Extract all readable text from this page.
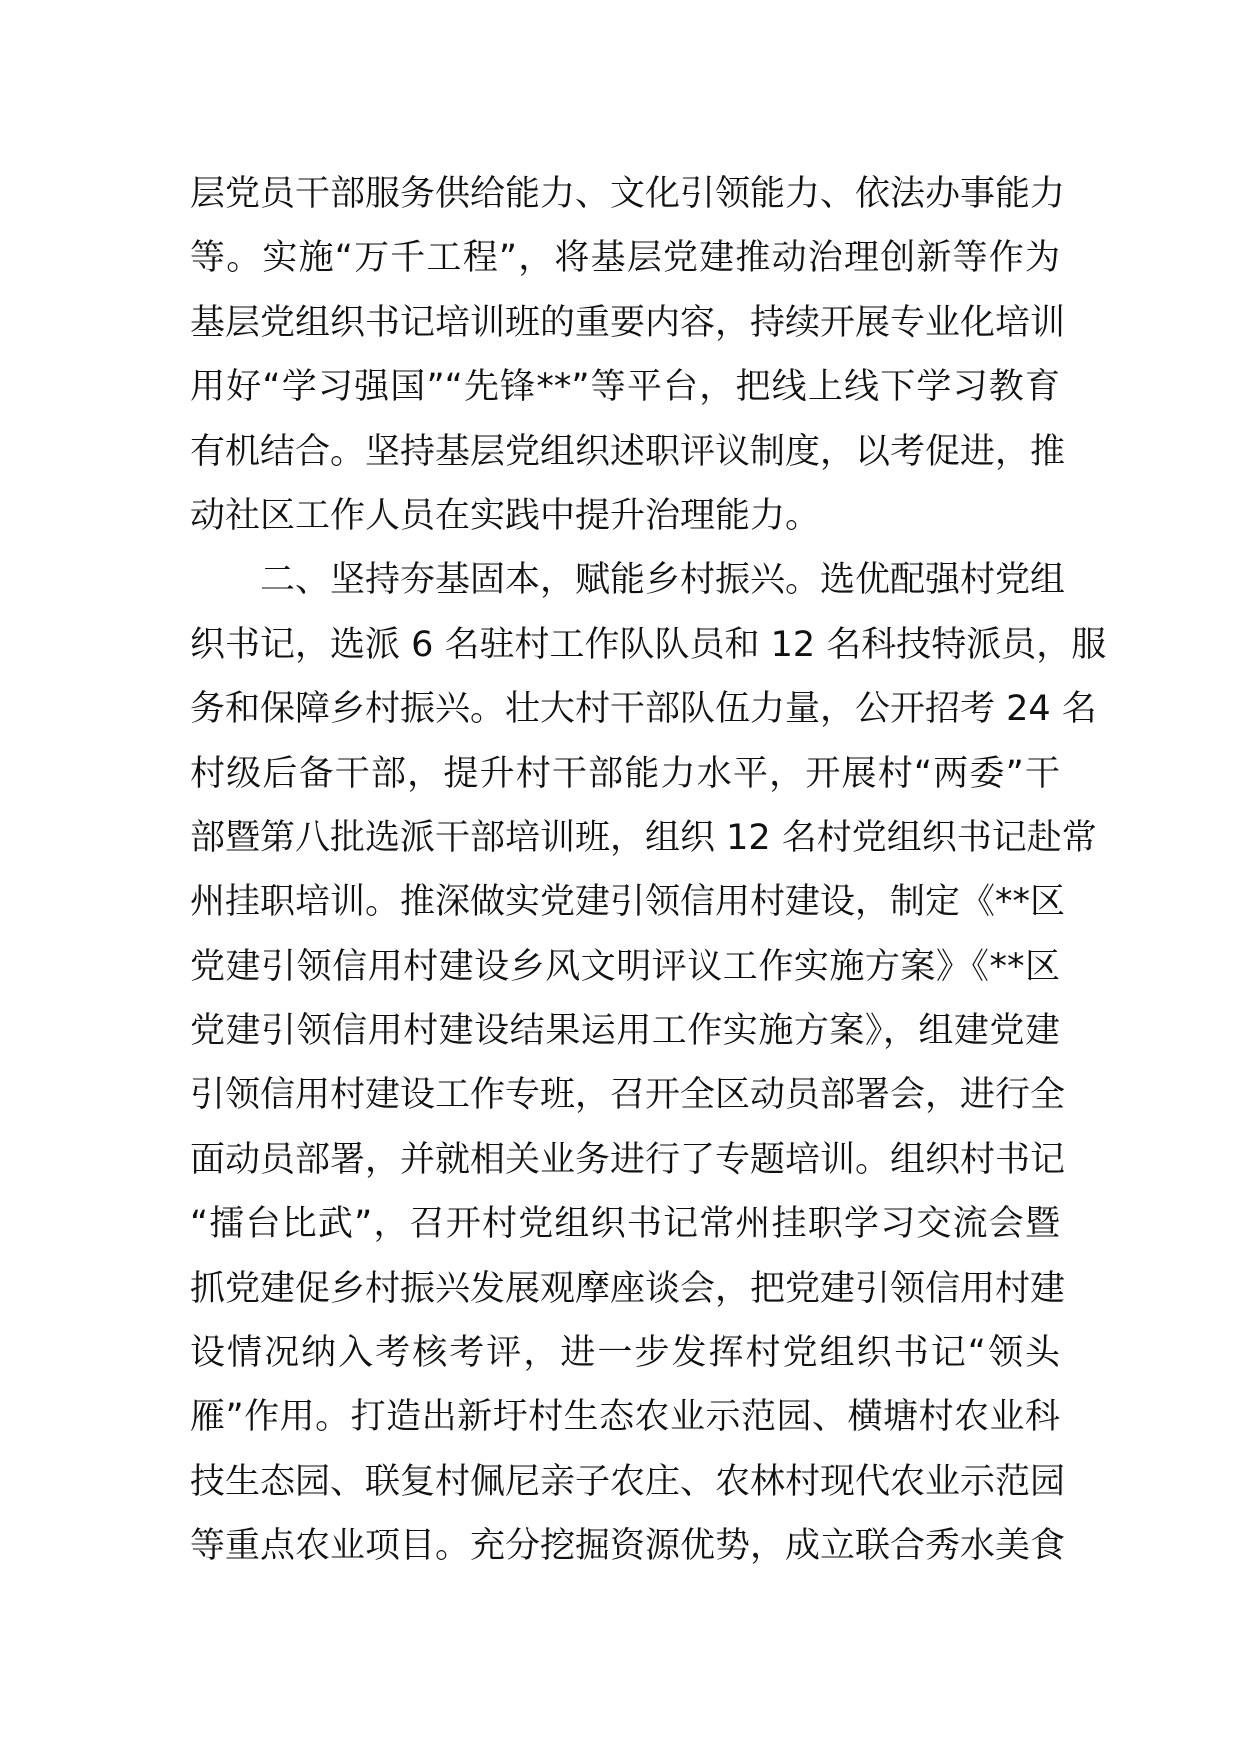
层党员干部服务供给能力、文化引领能力、依法办事能力
等。实施“万千工程”，将基层党建推动治理创新等作为
基层党组织书记培训班的重要内容，持续开展专业化培训
用好“学习强国”“先锋**”等平台，把线上线下学习教育
有机结合。坚持基层党组织述职评议制度，以考促进，推
动社区工作人员在实践中提升治理能力。
二、坚持夯基固本，赋能乡村振兴。选优配强村党组
织书记，选派 6 名驻村工作队队员和 12 名科技特派员，服
务和保障乡村振兴。壮大村干部队伍力量，公开招考 24 名
村级后备干部，提升村干部能力水平，开展村“两委”干
部暨第八批选派干部培训班，组织 12 名村党组织书记赴常
州挂职培训。推深做实党建引领信用村建设，制定《**区
党建引领信用村建设乡风文明评议工作实施方案》《**区
党建引领信用村建设结果运用工作实施方案》，组建党建
引领信用村建设工作专班，召开全区动员部署会，进行全
面动员部署，并就相关业务进行了专题培训。组织村书记
“擂台比武”，召开村党组织书记常州挂职学习交流会暨
抓党建促乡村振兴发展观摩座谈会，把党建引领信用村建
设情况纳入考核考评，进一步发挥村党组织书记“领头
雁”作用。打造出新圩村生态农业示范园、横塘村农业科
技生态园、联复村佩尼亲子农庄、农林村现代农业示范园
等重点农业项目。充分挖掘资源优势，成立联合秀水美食
